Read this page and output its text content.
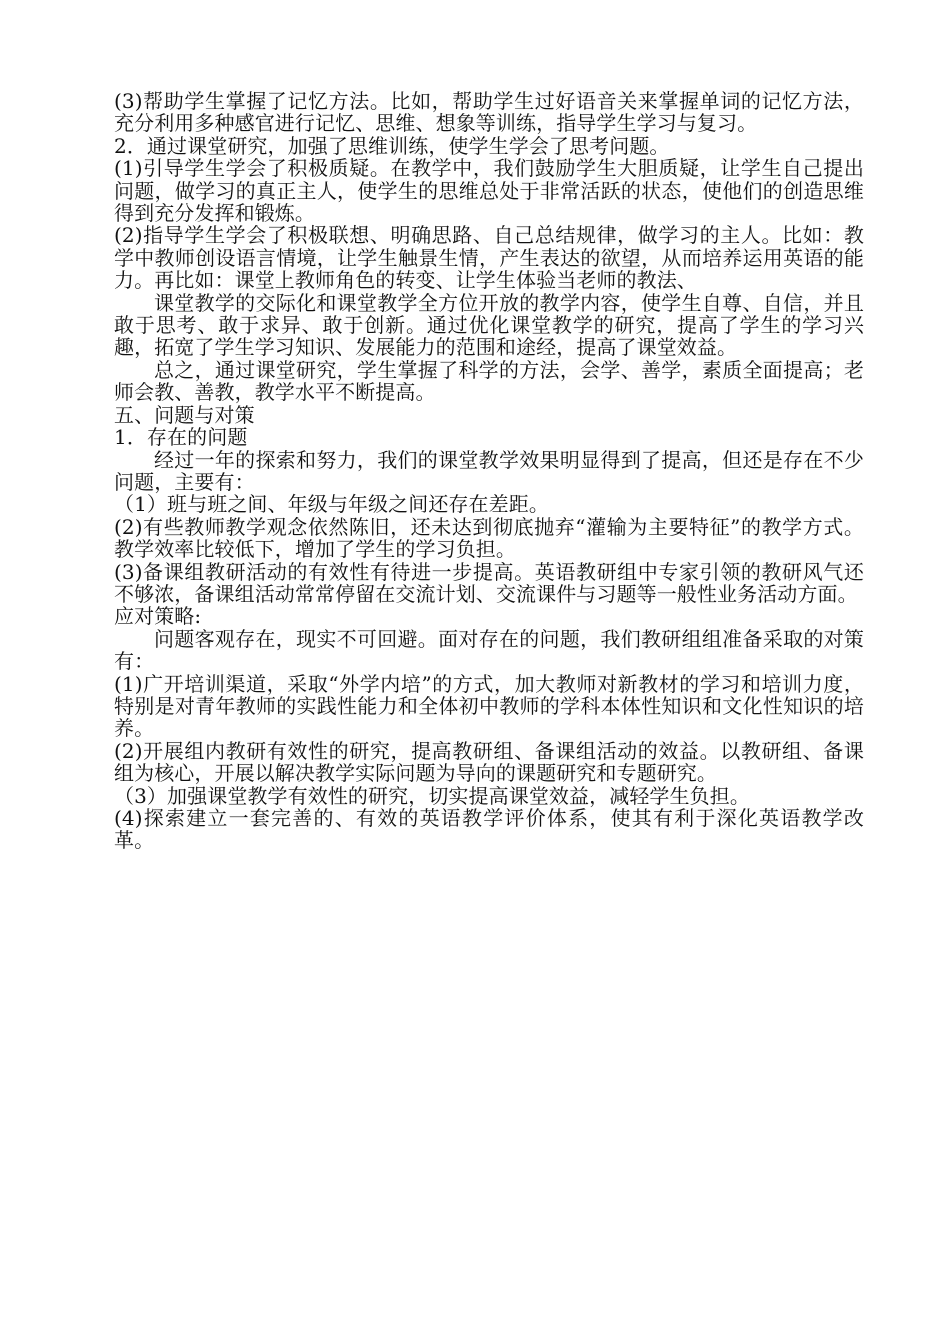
(3)帮助学生掌握了记忆方法。比如，帮助学生过好语音关来掌握单词的记忆方法，充分利用多种感官进行记忆、思维、想象等训练，指导学生学习与复习。

2．通过课堂研究，加强了思维训练，使学生学会了思考问题。

(1)引导学生学会了积极质疑。在教学中，我们鼓励学生大胆质疑，让学生自己提出问题，做学习的真正主人，使学生的思维总处于非常活跃的状态，使他们的创造思维得到充分发挥和锻炼。

(2)指导学生学会了积极联想、明确思路、自己总结规律，做学习的主人。比如：教学中教师创设语言情境，让学生触景生情，产生表达的欲望，从而培养运用英语的能力。再比如：课堂上教师角色的转变、让学生体验当老师的教法、

课堂教学的交际化和课堂教学全方位开放的教学内容，使学生自尊、自信，并且敢于思考、敢于求异、敢于创新。通过优化课堂教学的研究，提高了学生的学习兴趣，拓宽了学生学习知识、发展能力的范围和途经，提高了课堂效益。

总之，通过课堂研究，学生掌握了科学的方法，会学、善学，素质全面提高；老师会教、善教，教学水平不断提高。

五、问题与对策

1．存在的问题

经过一年的探索和努力，我们的课堂教学效果明显得到了提高，但还是存在不少问题，主要有：

（1）班与班之间、年级与年级之间还存在差距。

(2)有些教师教学观念依然陈旧，还未达到彻底抛弃“灌输为主要特征”的教学方式。教学效率比较低下，增加了学生的学习负担。

(3)备课组教研活动的有效性有待进一步提高。英语教研组中专家引领的教研风气还不够浓，备课组活动常常停留在交流计划、交流课件与习题等一般性业务活动方面。

应对策略:

问题客观存在，现实不可回避。面对存在的问题，我们教研组组准备采取的对策有：

(1)广开培训渠道，采取“外学内培”的方式，加大教师对新教材的学习和培训力度，特别是对青年教师的实践性能力和全体初中教师的学科本体性知识和文化性知识的培养。

(2)开展组内教研有效性的研究，提高教研组、备课组活动的效益。以教研组、备课组为核心，开展以解决教学实际问题为导向的课题研究和专题研究。

（3）加强课堂教学有效性的研究，切实提高课堂效益，减轻学生负担。

(4)探索建立一套完善的、有效的英语教学评价体系，使其有利于深化英语教学改革。
